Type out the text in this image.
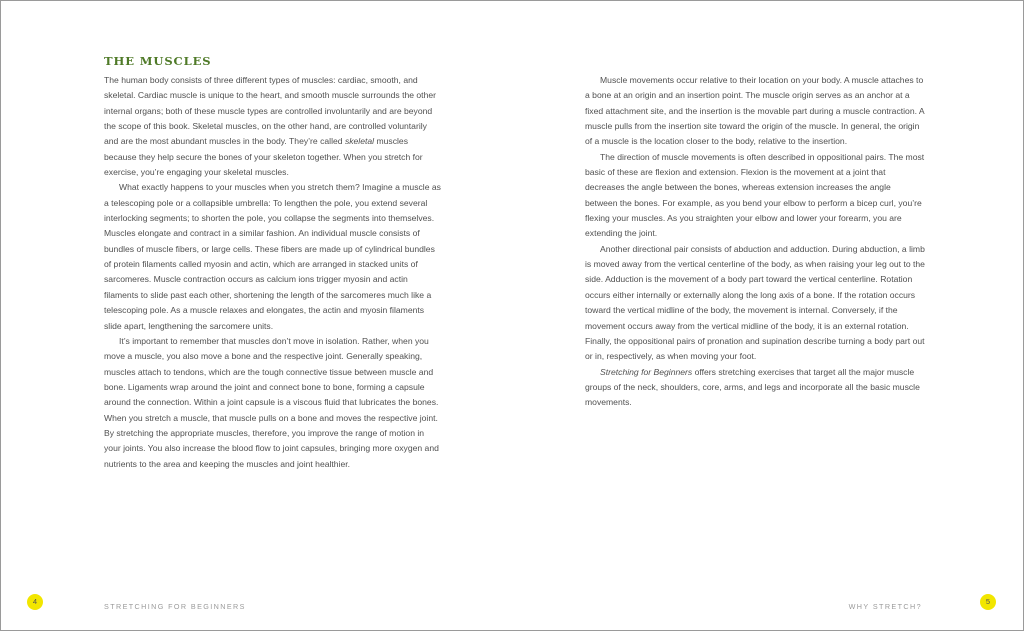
THE MUSCLES

The human body consists of three different types of muscles: cardiac, smooth, and skeletal. Cardiac muscle is unique to the heart, and smooth muscle surrounds the other internal organs; both of these muscle types are controlled involuntarily and are beyond the scope of this book. Skeletal muscles, on the other hand, are controlled voluntarily and are the most abundant muscles in the body. They’re called skeletal muscles because they help secure the bones of your skeleton together. When you stretch for exercise, you’re engaging your skeletal muscles.

What exactly happens to your muscles when you stretch them? Imagine a muscle as a telescoping pole or a collapsible umbrella: To lengthen the pole, you extend several interlocking segments; to shorten the pole, you collapse the segments into themselves. Muscles elongate and contract in a similar fashion. An individual muscle consists of bundles of muscle fibers, or large cells. These fibers are made up of cylindrical bundles of protein filaments called myosin and actin, which are arranged in stacked units of sarcomeres. Muscle contraction occurs as calcium ions trigger myosin and actin filaments to slide past each other, shortening the length of the sarcomeres much like a telescoping pole. As a muscle relaxes and elongates, the actin and myosin filaments slide apart, lengthening the sarcomere units.

It’s important to remember that muscles don’t move in isolation. Rather, when you move a muscle, you also move a bone and the respective joint. Generally speaking, muscles attach to tendons, which are the tough connective tissue between muscle and bone. Ligaments wrap around the joint and connect bone to bone, forming a capsule around the connection. Within a joint capsule is a viscous fluid that lubricates the bones. When you stretch a muscle, that muscle pulls on a bone and moves the respective joint. By stretching the appropriate muscles, therefore, you improve the range of motion in your joints. You also increase the blood flow to joint capsules, bringing more oxygen and nutrients to the area and keeping the muscles and joint healthier.

4
STRETCHING FOR BEGINNERS

Muscle movements occur relative to their location on your body. A muscle attaches to a bone at an origin and an insertion point. The muscle origin serves as an anchor at a fixed attachment site, and the insertion is the movable part during a muscle contraction. A muscle pulls from the insertion site toward the origin of the muscle. In general, the origin of a muscle is the location closer to the body, relative to the insertion.

The direction of muscle movements is often described in oppositional pairs. The most basic of these are flexion and extension. Flexion is the movement at a joint that decreases the angle between the bones, whereas extension increases the angle between the bones. For example, as you bend your elbow to perform a bicep curl, you’re flexing your muscles. As you straighten your elbow and lower your forearm, you are extending the joint.

Another directional pair consists of abduction and adduction. During abduction, a limb is moved away from the vertical centerline of the body, as when raising your leg out to the side. Adduction is the movement of a body part toward the vertical centerline. Rotation occurs either internally or externally along the long axis of a bone. If the rotation occurs toward the vertical midline of the body, the movement is internal. Conversely, if the movement occurs away from the vertical midline of the body, it is an external rotation. Finally, the oppositional pairs of pronation and supination describe turning a body part out or in, respectively, as when moving your foot.

Stretching for Beginners offers stretching exercises that target all the major muscle groups of the neck, shoulders, core, arms, and legs and incorporate all the basic muscle movements.

WHY STRETCH?
5
